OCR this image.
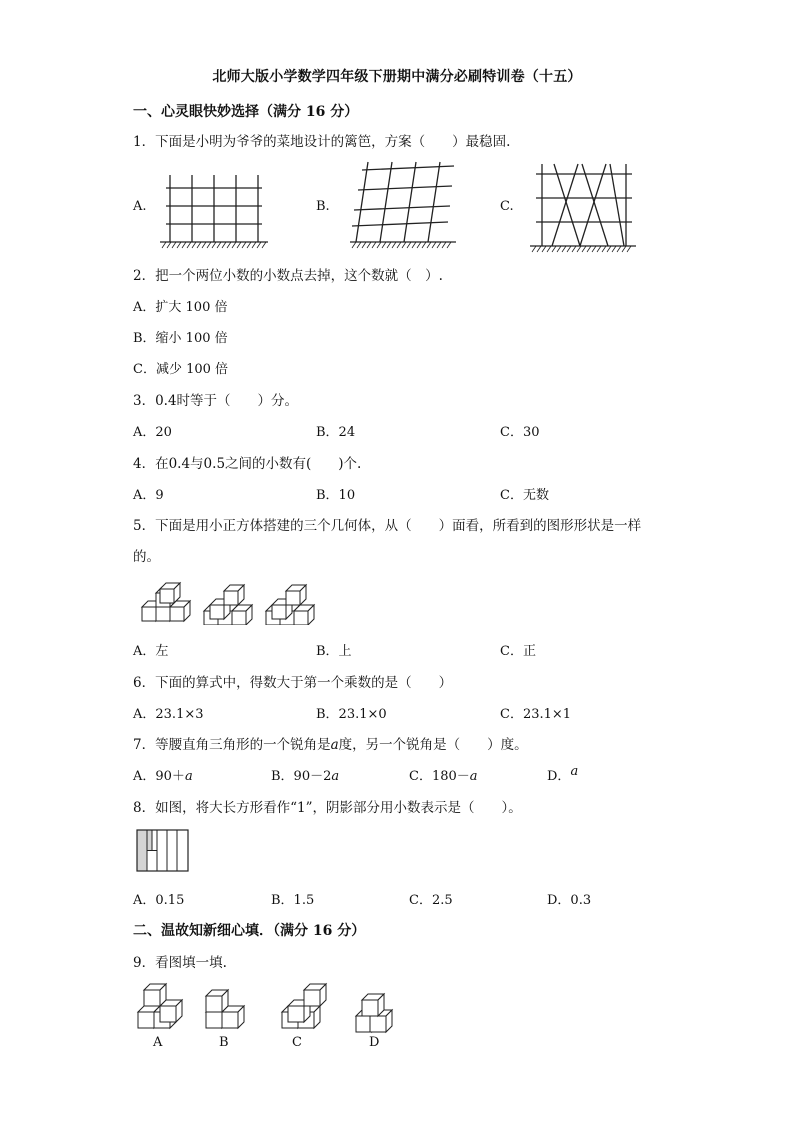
北师大版小学数学四年级下册期中满分必刷特训卷（十五）
一、心灵眼快妙选择（满分 16 分）
1．下面是小明为爷爷的菜地设计的篱笆，方案（　　）最稳固.
A.	B.	C.
2．把一个两位小数的小数点去掉，这个数就（　）.
A．扩大 100 倍
B．缩小 100 倍
C．减少 100 倍
3．0.4时等于（　　）分。
A．20	B．24	C．30
4．在0.4与0.5之间的小数有(　　)个.
A．9	B．10	C．无数
5．下面是用小正方体搭建的三个几何体，从（　　）面看，所看到的图形形状是一样
的。
A．左	B．上	C．正
6．下面的算式中，得数大于第一个乘数的是（　　）
A．23.1×3	B．23.1×0	C．23.1×1
7．等腰直角三角形的一个锐角是a度，另一个锐角是（　　）度。
A．90＋a	B．90－2a	C．180－a	D．a
8．如图，将大长方形看作“1”，阴影部分用小数表示是（　　）。
A．0.15	B．1.5	C．2.5	D．0.3
二、温故知新细心填．（满分 16 分）
9．看图填一填.
A	B	C	D
